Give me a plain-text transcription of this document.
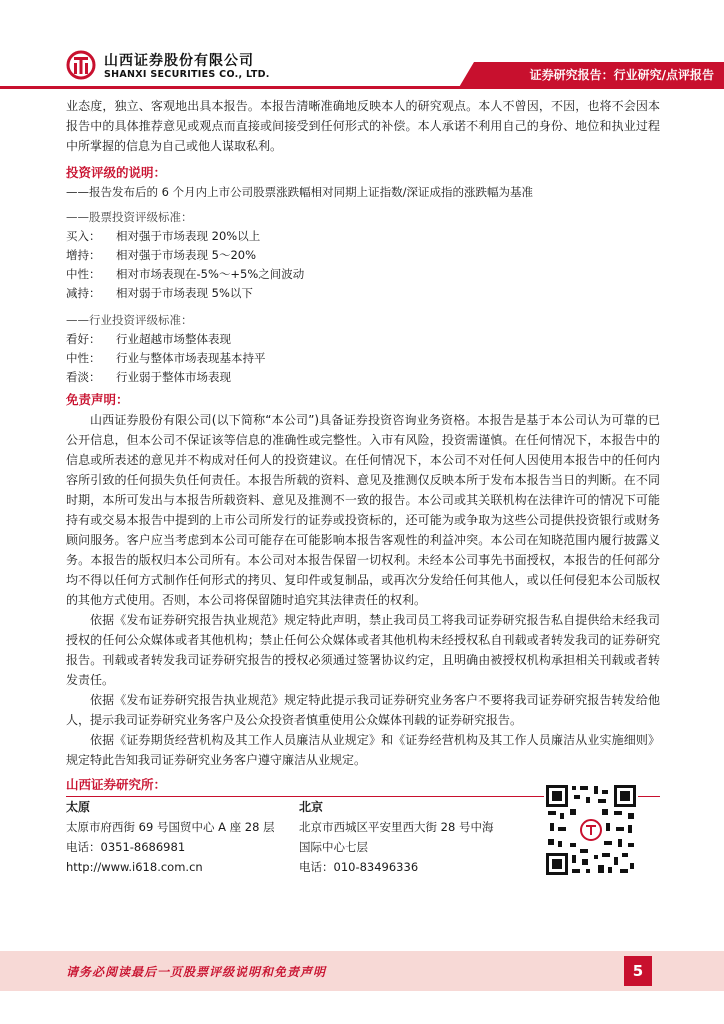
山西证券股份有限公司
SHANXI SECURITIES CO., LTD.	证券研究报告：行业研究/点评报告

业态度，独立、客观地出具本报告。本报告清晰准确地反映本人的研究观点。本人不曾因，不因，也将不会因本报告中的具体推荐意见或观点而直接或间接受到任何形式的补偿。本人承诺不利用自己的身份、地位和执业过程中所掌握的信息为自己或他人谋取私利。

投资评级的说明：

——报告发布后的 6 个月内上市公司股票涨跌幅相对同期上证指数/深证成指的涨跌幅为基准

——股票投资评级标准：

买入：	相对强于市场表现 20%以上
增持：	相对强于市场表现 5～20%
中性：	相对市场表现在-5%～+5%之间波动
减持：	相对弱于市场表现 5%以下

——行业投资评级标准：

看好：	行业超越市场整体表现
中性：	行业与整体市场表现基本持平
看淡：	行业弱于整体市场表现
免责声明：

山西证券股份有限公司(以下简称“本公司”)具备证券投资咨询业务资格。本报告是基于本公司认为可靠的已公开信息，但本公司不保证该等信息的准确性或完整性。入市有风险，投资需谨慎。在任何情况下，本报告中的信息或所表述的意见并不构成对任何人的投资建议。在任何情况下，本公司不对任何人因使用本报告中的任何内容所引致的任何损失负任何责任。本报告所载的资料、意见及推测仅反映本所于发布本报告当日的判断。在不同时期，本所可发出与本报告所载资料、意见及推测不一致的报告。本公司或其关联机构在法律许可的情况下可能持有或交易本报告中提到的上市公司所发行的证券或投资标的，还可能为或争取为这些公司提供投资银行或财务顾问服务。客户应当考虑到本公司可能存在可能影响本报告客观性的利益冲突。本公司在知晓范围内履行披露义务。本报告的版权归本公司所有。本公司对本报告保留一切权利。未经本公司事先书面授权，本报告的任何部分均不得以任何方式制作任何形式的拷贝、复印件或复制品，或再次分发给任何其他人，或以任何侵犯本公司版权的其他方式使用。否则，本公司将保留随时追究其法律责任的权利。

依据《发布证券研究报告执业规范》规定特此声明，禁止我司员工将我司证券研究报告私自提供给未经我司授权的任何公众媒体或者其他机构；禁止任何公众媒体或者其他机构未经授权私自刊载或者转发我司的证券研究报告。刊载或者转发我司证券研究报告的授权必须通过签署协议约定，且明确由被授权机构承担相关刊载或者转发责任。

依据《发布证券研究报告执业规范》规定特此提示我司证券研究业务客户不要将我司证券研究报告转发给他人，提示我司证券研究业务客户及公众投资者慎重使用公众媒体刊载的证券研究报告。

依据《证券期货经营机构及其工作人员廉洁从业规定》和《证券经营机构及其工作人员廉洁从业实施细则》规定特此告知我司证券研究业务客户遵守廉洁从业规定。

山西证券研究所：
太原
太原市府西街 69 号国贸中心 A 座 28 层
电话：0351-8686981
http://www.i618.com.cn
北京
北京市西城区平安里西大街 28 号中海
国际中心七层
电话：010-83496336
请务必阅读最后一页股票评级说明和免责声明	5
